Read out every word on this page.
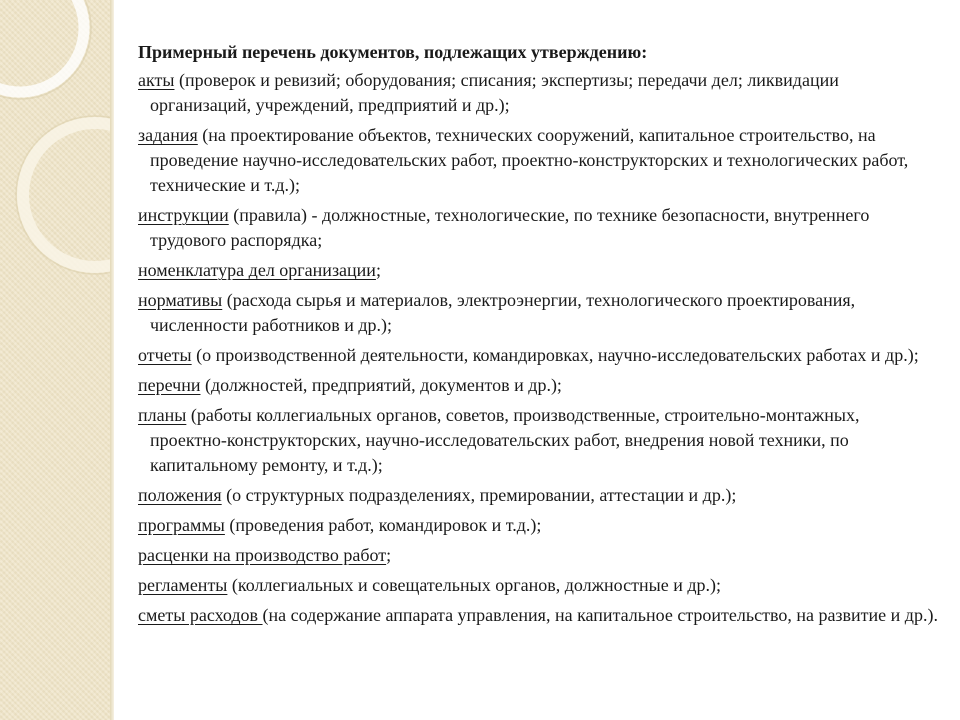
Примерный перечень документов, подлежащих утверждению:
акты (проверок и ревизий; оборудования; списания; экспертизы; передачи дел; ликвидации организаций, учреждений, предприятий и др.);
задания (на проектирование объектов, технических сооружений, капитальное строительство, на проведение научно-исследовательских работ, проектно-конструкторских и технологических работ, технические и т.д.);
инструкции (правила) - должностные, технологические, по технике безопасности, внутреннего трудового распорядка;
номенклатура дел организации;
нормативы (расхода сырья и материалов, электроэнергии, технологического проектирования, численности работников и др.);
отчеты (о производственной деятельности, командировках, научно-исследовательских работах и др.);
перечни (должностей, предприятий, документов и др.);
планы (работы коллегиальных органов, советов, производственные, строительно-монтажных, проектно-конструкторских, научно-исследовательских работ, внедрения новой техники, по капитальному ремонту, и т.д.);
положения (о структурных подразделениях, премировании, аттестации и др.);
программы (проведения работ, командировок и т.д.);
расценки на производство работ;
регламенты (коллегиальных и совещательных органов, должностные и др.);
сметы расходов (на содержание аппарата управления, на капитальное строительство, на развитие и др.).
